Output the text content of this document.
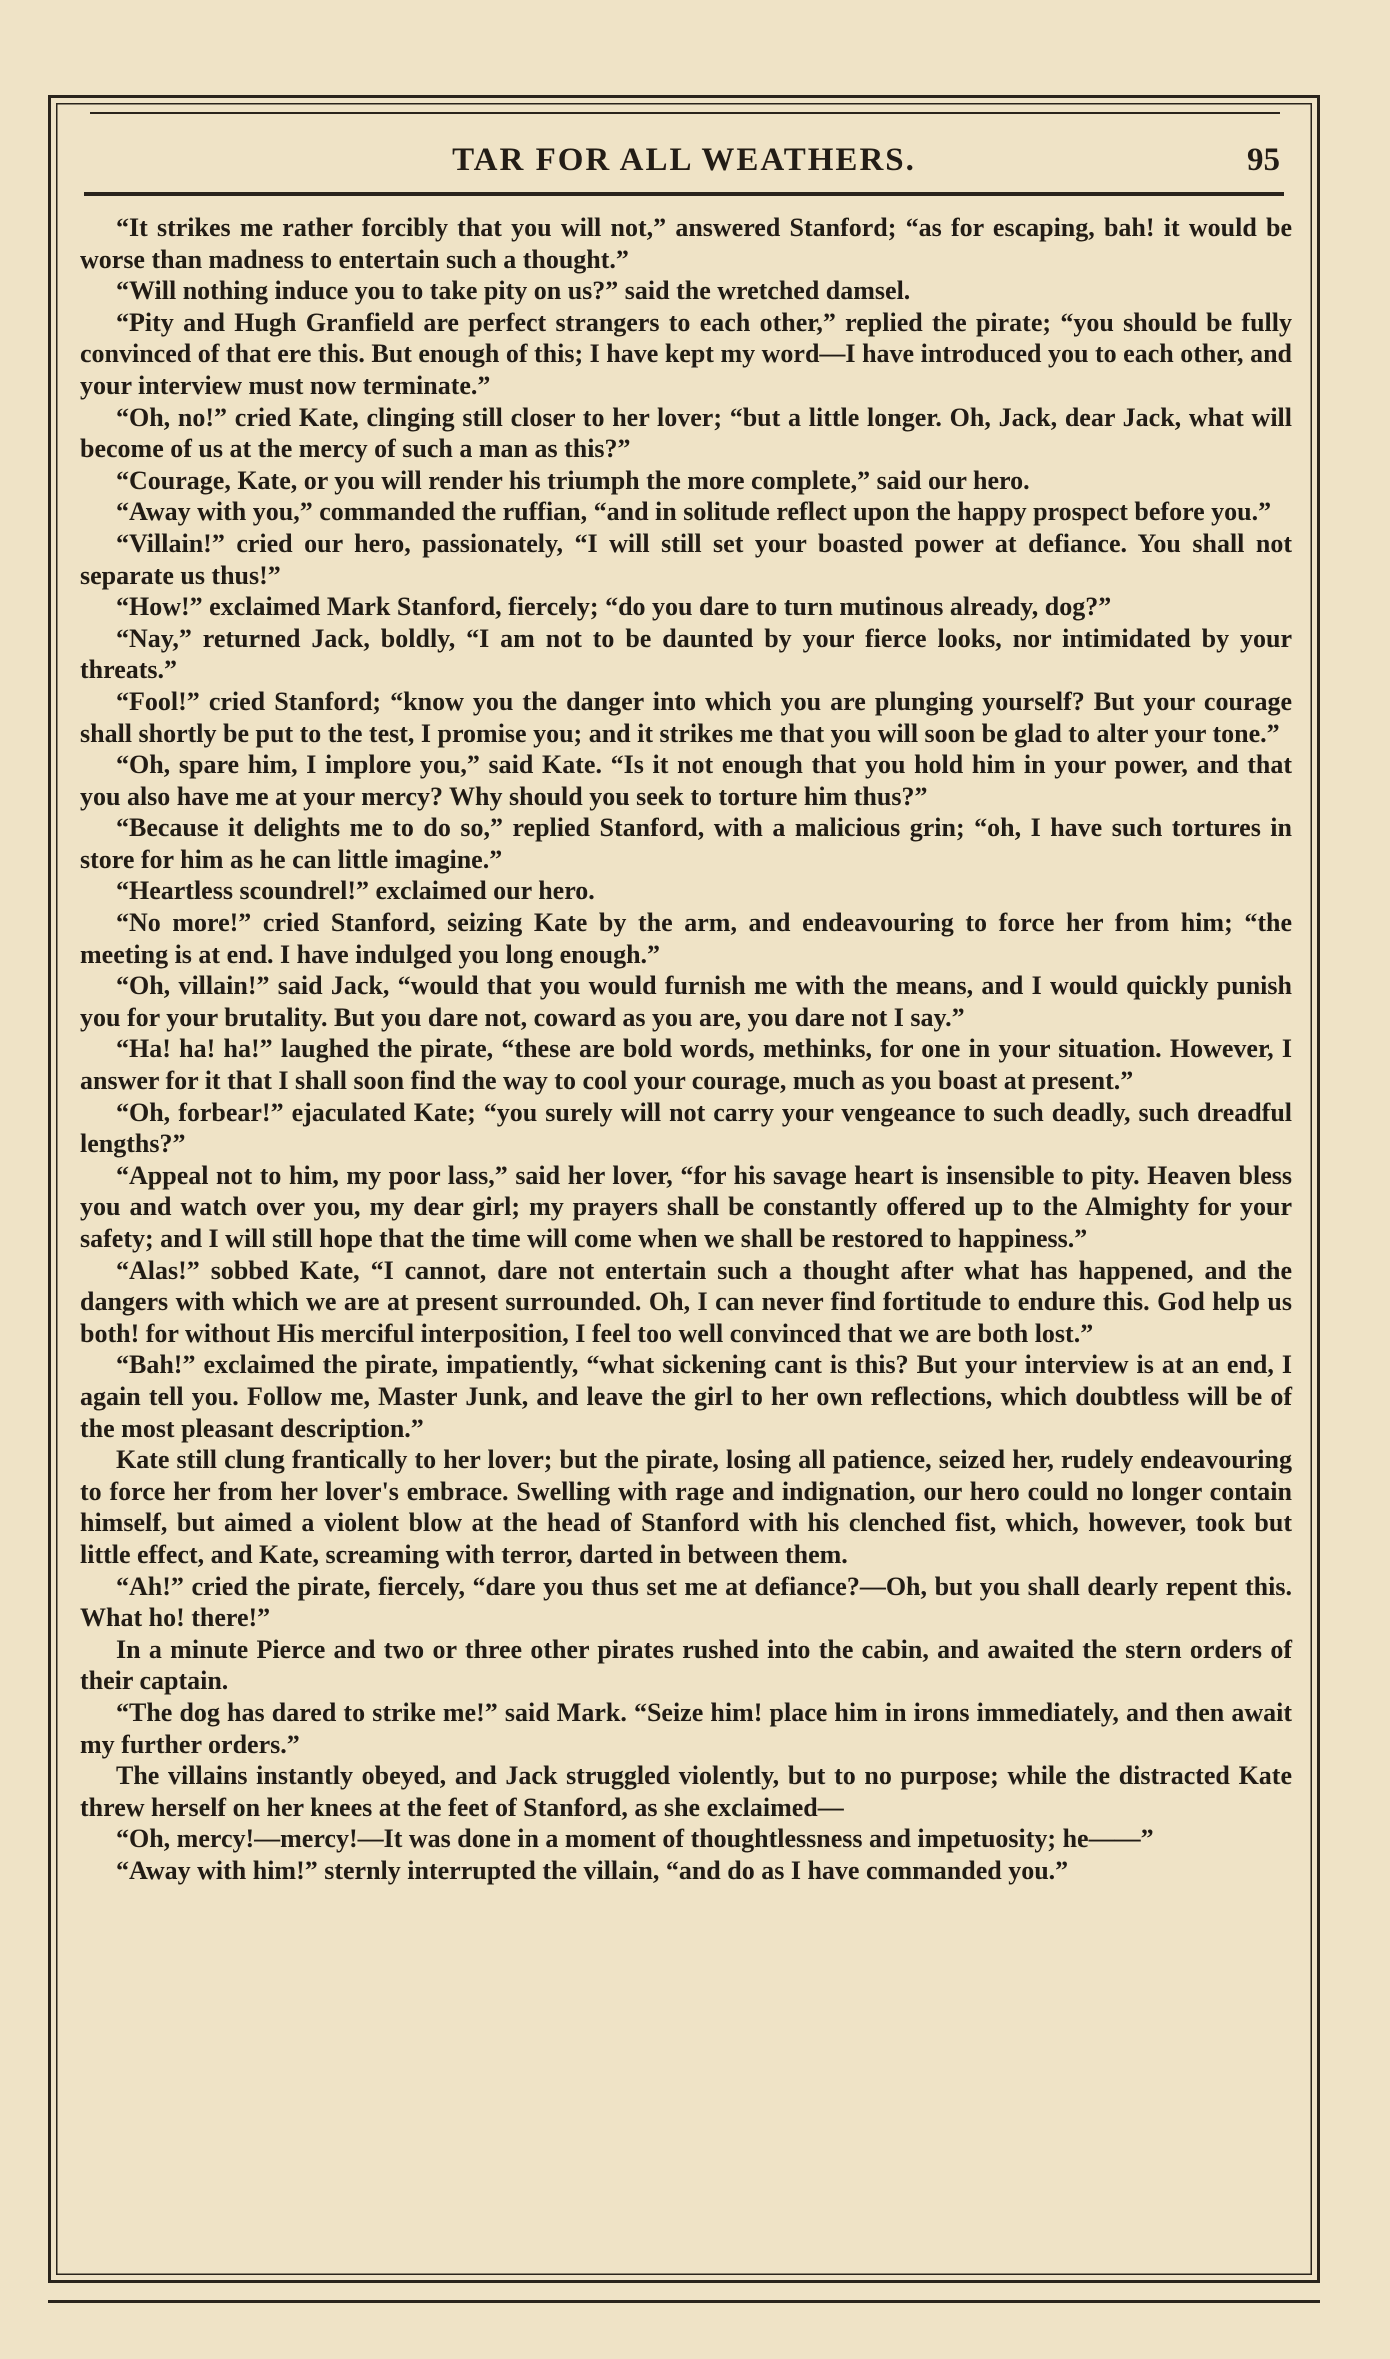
TAR FOR ALL WEATHERS.	95

“It strikes me rather forcibly that you will not,” answered Stanford; “as for escaping, bah! it would be worse than madness to entertain such a thought.”

“Will nothing induce you to take pity on us?” said the wretched damsel.

“Pity and Hugh Granfield are perfect strangers to each other,” replied the pirate; “you should be fully convinced of that ere this. But enough of this; I have kept my word—I have introduced you to each other, and your interview must now terminate.”

“Oh, no!” cried Kate, clinging still closer to her lover; “but a little longer. Oh, Jack, dear Jack, what will become of us at the mercy of such a man as this?”

“Courage, Kate, or you will render his triumph the more complete,” said our hero.

“Away with you,” commanded the ruffian, “and in solitude reflect upon the happy prospect before you.”

“Villain!” cried our hero, passionately, “I will still set your boasted power at defiance. You shall not separate us thus!”

“How!” exclaimed Mark Stanford, fiercely; “do you dare to turn mutinous already, dog?”

“Nay,” returned Jack, boldly, “I am not to be daunted by your fierce looks, nor intimidated by your threats.”

“Fool!” cried Stanford; “know you the danger into which you are plunging yourself? But your courage shall shortly be put to the test, I promise you; and it strikes me that you will soon be glad to alter your tone.”

“Oh, spare him, I implore you,” said Kate. “Is it not enough that you hold him in your power, and that you also have me at your mercy? Why should you seek to torture him thus?”

“Because it delights me to do so,” replied Stanford, with a malicious grin; “oh, I have such tortures in store for him as he can little imagine.”

“Heartless scoundrel!” exclaimed our hero.

“No more!” cried Stanford, seizing Kate by the arm, and endeavouring to force her from him; “the meeting is at end. I have indulged you long enough.”

“Oh, villain!” said Jack, “would that you would furnish me with the means, and I would quickly punish you for your brutality. But you dare not, coward as you are, you dare not I say.”

“Ha! ha! ha!” laughed the pirate, “these are bold words, methinks, for one in your situation. However, I answer for it that I shall soon find the way to cool your courage, much as you boast at present.”

“Oh, forbear!” ejaculated Kate; “you surely will not carry your vengeance to such deadly, such dreadful lengths?”

“Appeal not to him, my poor lass,” said her lover, “for his savage heart is insensible to pity. Heaven bless you and watch over you, my dear girl; my prayers shall be constantly offered up to the Almighty for your safety; and I will still hope that the time will come when we shall be restored to happiness.”

“Alas!” sobbed Kate, “I cannot, dare not entertain such a thought after what has happened, and the dangers with which we are at present surrounded. Oh, I can never find fortitude to endure this. God help us both! for without His merciful interposition, I feel too well convinced that we are both lost.”

“Bah!” exclaimed the pirate, impatiently, “what sickening cant is this? But your interview is at an end, I again tell you. Follow me, Master Junk, and leave the girl to her own reflections, which doubtless will be of the most pleasant description.”

Kate still clung frantically to her lover; but the pirate, losing all patience, seized her, rudely endeavouring to force her from her lover's embrace. Swelling with rage and indignation, our hero could no longer contain himself, but aimed a violent blow at the head of Stanford with his clenched fist, which, however, took but little effect, and Kate, screaming with terror, darted in between them.

“Ah!” cried the pirate, fiercely, “dare you thus set me at defiance?—Oh, but you shall dearly repent this. What ho! there!”

In a minute Pierce and two or three other pirates rushed into the cabin, and awaited the stern orders of their captain.

“The dog has dared to strike me!” said Mark. “Seize him! place him in irons immediately, and then await my further orders.”

The villains instantly obeyed, and Jack struggled violently, but to no purpose; while the distracted Kate threw herself on her knees at the feet of Stanford, as she exclaimed—

“Oh, mercy!—mercy!—It was done in a moment of thoughtlessness and impetuosity; he——”

“Away with him!” sternly interrupted the villain, “and do as I have commanded you.”
